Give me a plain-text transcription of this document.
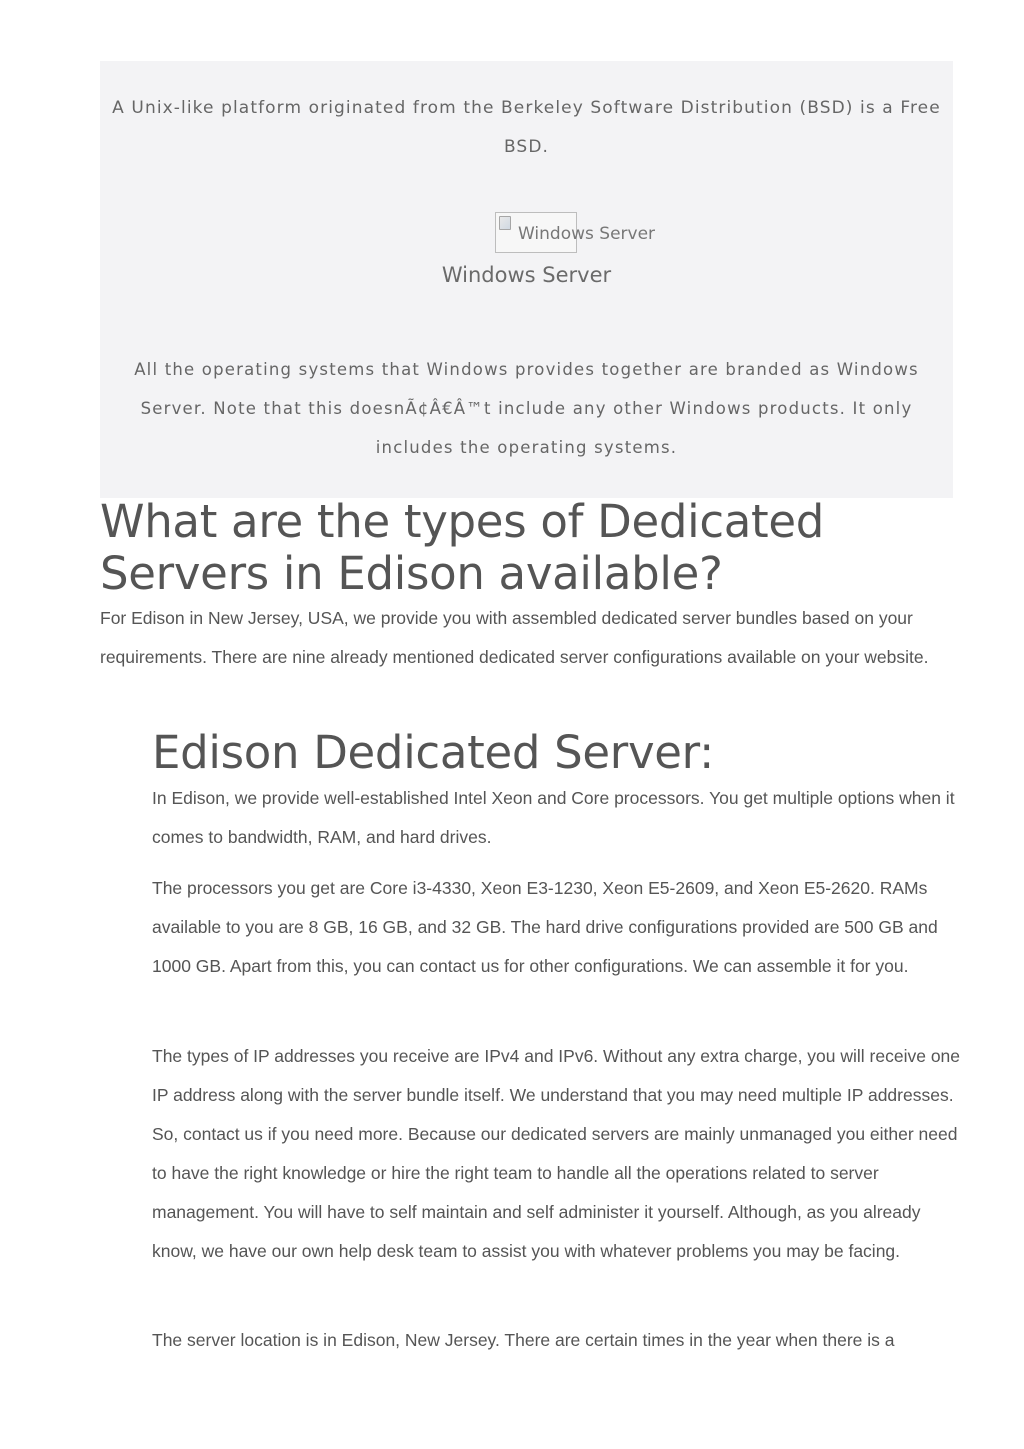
A Unix-like platform originated from the Berkeley Software Distribution (BSD) is a Free BSD.

Windows Server

Windows Server

All the operating systems that Windows provides together are branded as Windows Server. Note that this doesnÃ¢Â€Â™t include any other Windows products. It only includes the operating systems.

What are the types of Dedicated Servers in Edison available?

For Edison in New Jersey, USA, we provide you with assembled dedicated server bundles based on your requirements. There are nine already mentioned dedicated server configurations available on your website.

Edison Dedicated Server:

In Edison, we provide well-established Intel Xeon and Core processors. You get multiple options when it comes to bandwidth, RAM, and hard drives.

The processors you get are Core i3-4330, Xeon E3-1230, Xeon E5-2609, and Xeon E5-2620. RAMs available to you are 8 GB, 16 GB, and 32 GB. The hard drive configurations provided are 500 GB and 1000 GB. Apart from this, you can contact us for other configurations. We can assemble it for you.

The types of IP addresses you receive are IPv4 and IPv6. Without any extra charge, you will receive one IP address along with the server bundle itself. We understand that you may need multiple IP addresses. So, contact us if you need more. Because our dedicated servers are mainly unmanaged you either need to have the right knowledge or hire the right team to handle all the operations related to server management. You will have to self maintain and self administer it yourself. Although, as you already know, we have our own help desk team to assist you with whatever problems you may be facing.

The server location is in Edison, New Jersey. There are certain times in the year when there is a
